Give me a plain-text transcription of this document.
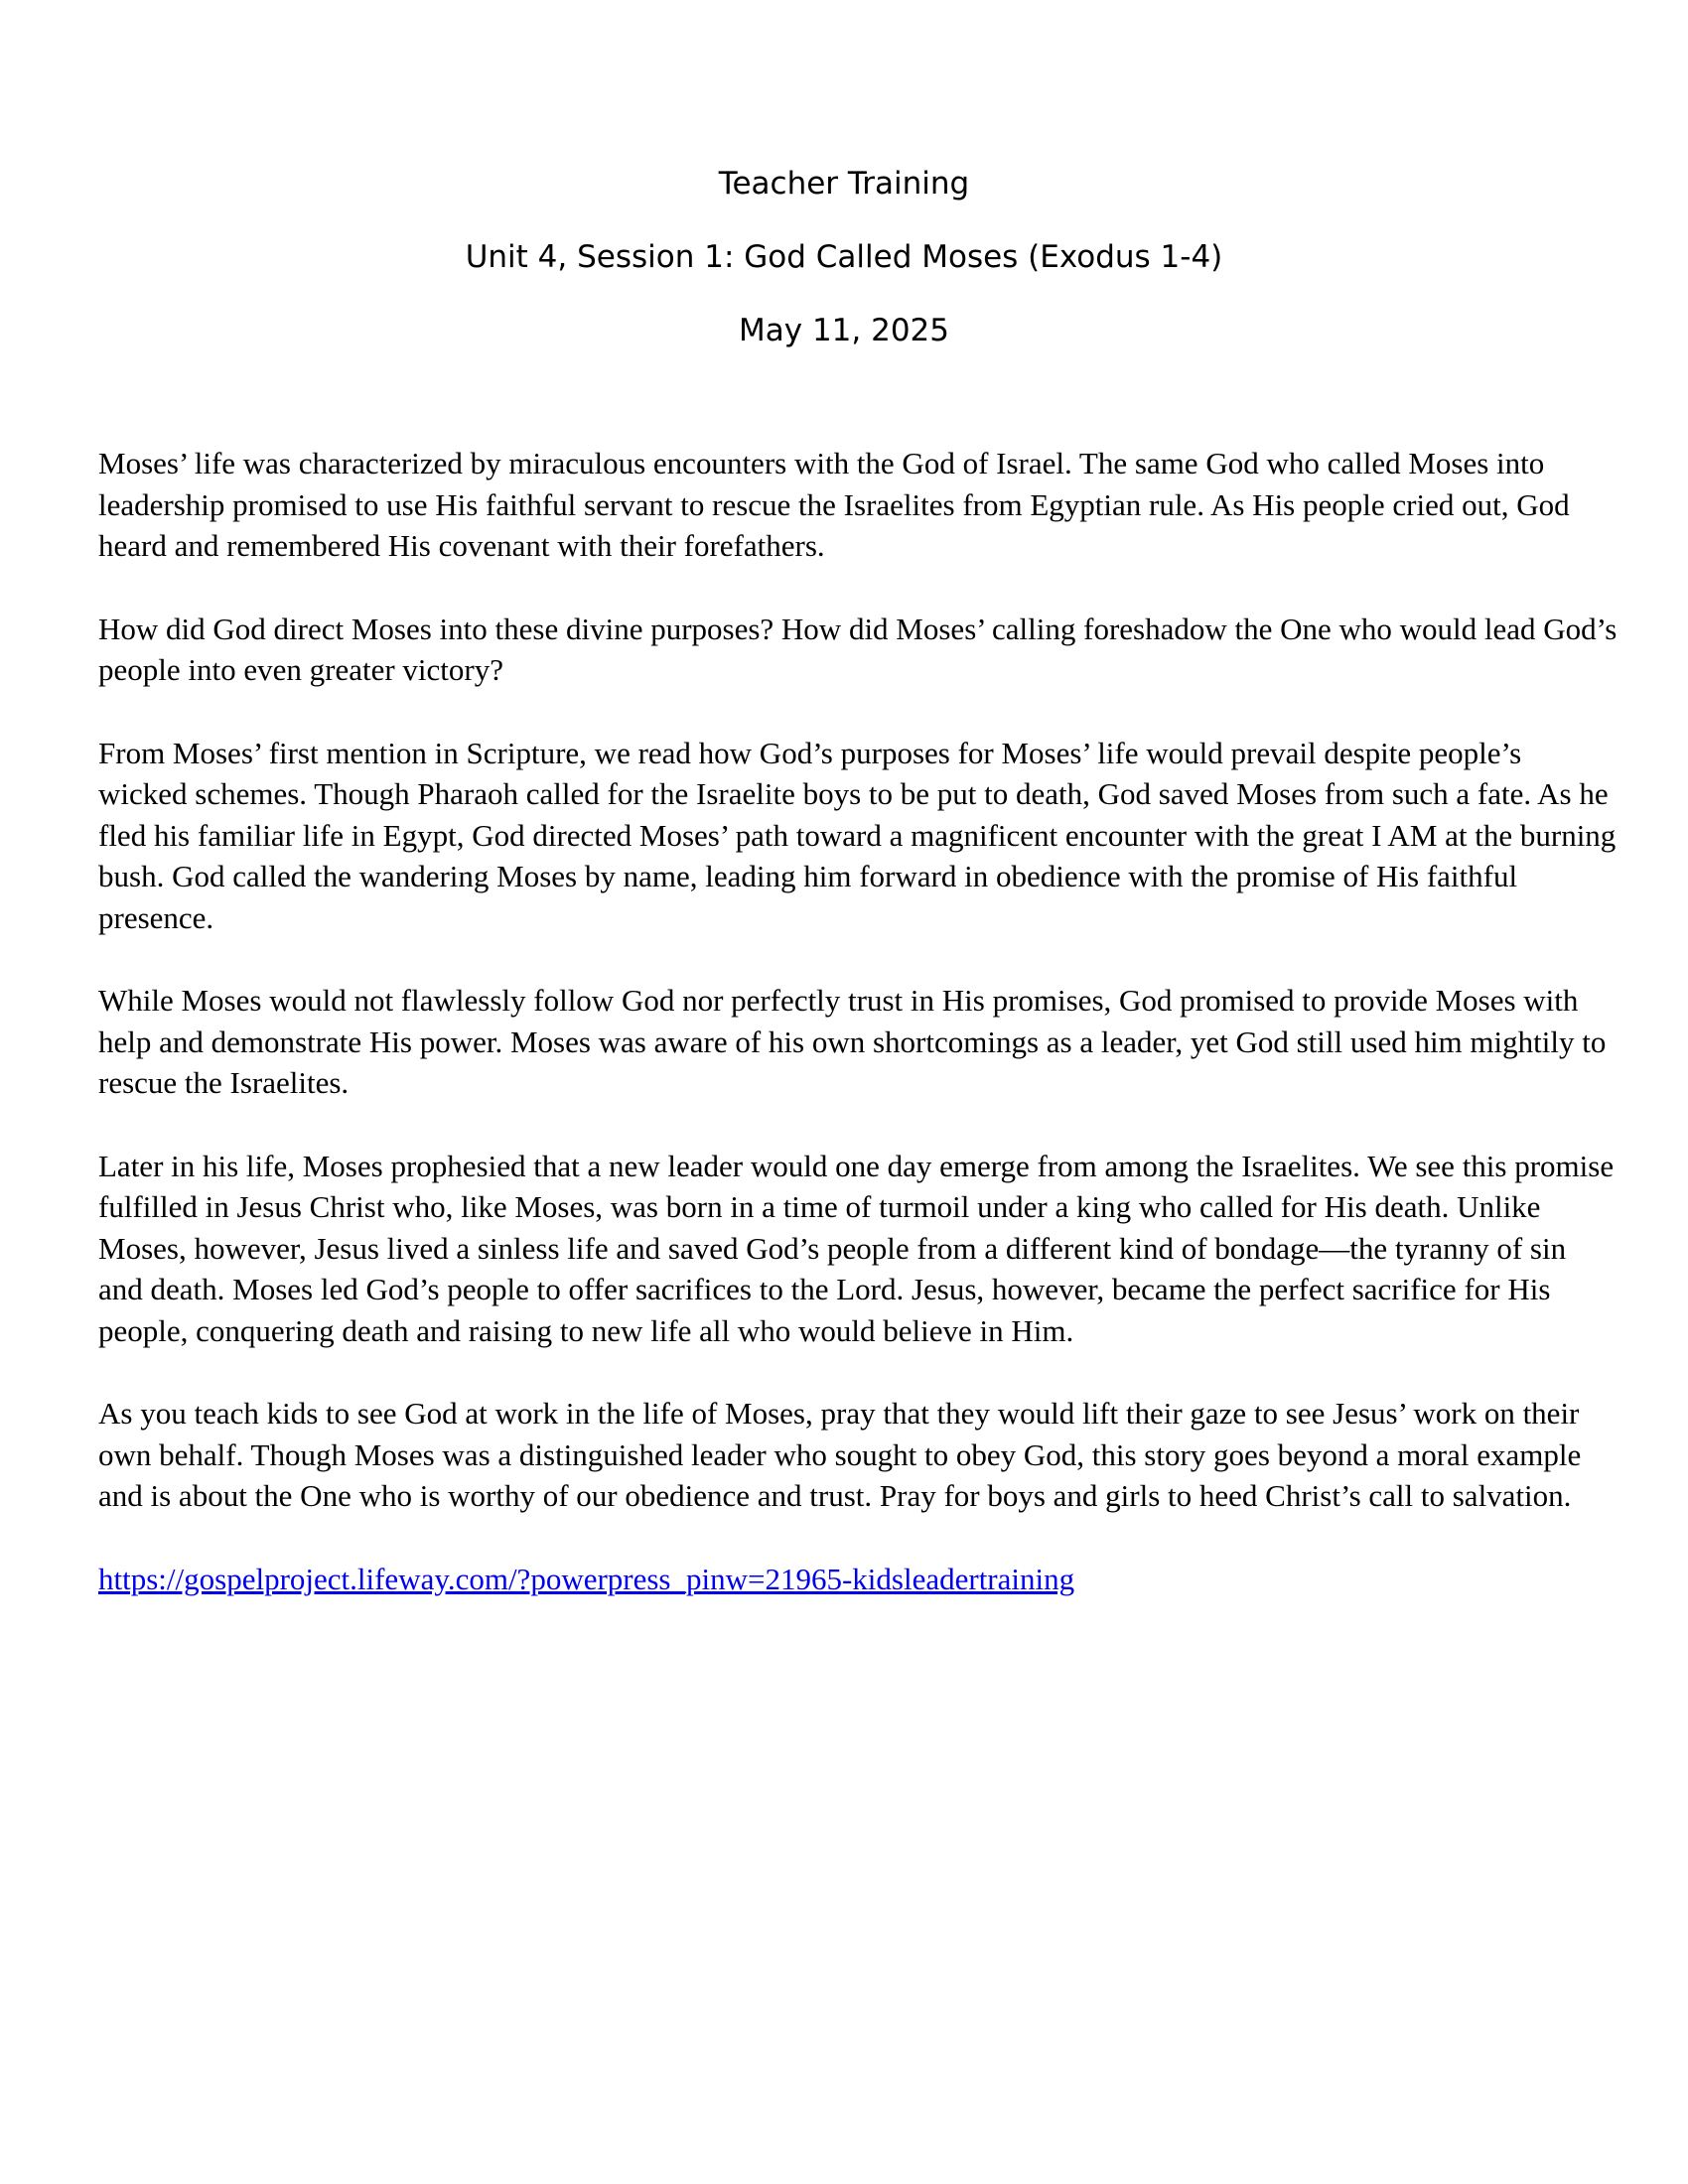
Teacher Training
Unit 4, Session 1: God Called Moses (Exodus 1-4)
May 11, 2025

Moses’ life was characterized by miraculous encounters with the God of Israel. The same God who called Moses into leadership promised to use His faithful servant to rescue the Israelites from Egyptian rule. As His people cried out, God heard and remembered His covenant with their forefathers.

How did God direct Moses into these divine purposes? How did Moses’ calling foreshadow the One who would lead God’s people into even greater victory?

From Moses’ first mention in Scripture, we read how God’s purposes for Moses’ life would prevail despite people’s wicked schemes. Though Pharaoh called for the Israelite boys to be put to death, God saved Moses from such a fate. As he fled his familiar life in Egypt, God directed Moses’ path toward a magnificent encounter with the great I AM at the burning bush. God called the wandering Moses by name, leading him forward in obedience with the promise of His faithful presence.

While Moses would not flawlessly follow God nor perfectly trust in His promises, God promised to provide Moses with help and demonstrate His power. Moses was aware of his own shortcomings as a leader, yet God still used him mightily to rescue the Israelites.

Later in his life, Moses prophesied that a new leader would one day emerge from among the Israelites. We see this promise fulfilled in Jesus Christ who, like Moses, was born in a time of turmoil under a king who called for His death. Unlike Moses, however, Jesus lived a sinless life and saved God’s people from a different kind of bondage—the tyranny of sin and death. Moses led God’s people to offer sacrifices to the Lord. Jesus, however, became the perfect sacrifice for His people, conquering death and raising to new life all who would believe in Him.

As you teach kids to see God at work in the life of Moses, pray that they would lift their gaze to see Jesus’ work on their own behalf. Though Moses was a distinguished leader who sought to obey God, this story goes beyond a moral example and is about the One who is worthy of our obedience and trust. Pray for boys and girls to heed Christ’s call to salvation.

https://gospelproject.lifeway.com/?powerpress_pinw=21965-kidsleadertraining
